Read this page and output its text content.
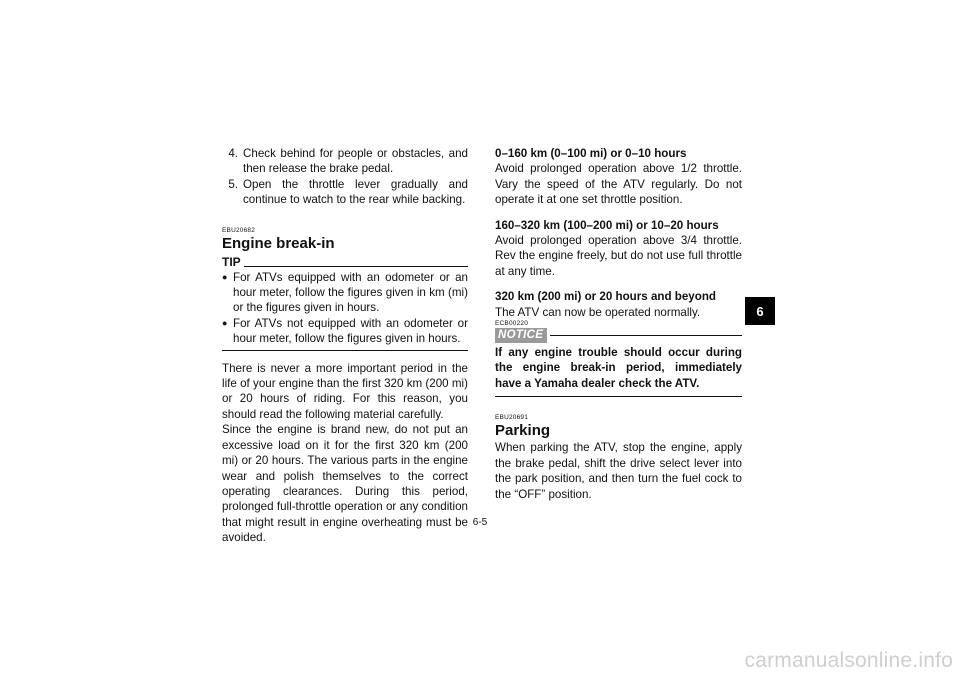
4. Check behind for people or obstacles, and then release the brake pedal.
5. Open the throttle lever gradually and continue to watch to the rear while backing.
EBU20682
Engine break-in
TIP
● For ATVs equipped with an odometer or an hour meter, follow the figures given in km (mi) or the figures given in hours.
● For ATVs not equipped with an odometer or hour meter, follow the figures given in hours.

There is never a more important period in the life of your engine than the first 320 km (200 mi) or 20 hours of riding. For this reason, you should read the following material carefully.

Since the engine is brand new, do not put an excessive load on it for the first 320 km (200 mi) or 20 hours. The various parts in the engine wear and polish themselves to the correct operating clearances. During this period, prolonged full-throttle operation or any condition that might result in engine overheating must be avoided.

0–160 km (0–100 mi) or 0–10 hours

Avoid prolonged operation above 1/2 throttle. Vary the speed of the ATV regularly. Do not operate it at one set throttle position.

160–320 km (100–200 mi) or 10–20 hours

Avoid prolonged operation above 3/4 throttle. Rev the engine freely, but do not use full throttle at any time.

320 km (200 mi) or 20 hours and beyond

The ATV can now be operated normally.

ECB00220
NOTICE

If any engine trouble should occur during the engine break-in period, immediately have a Yamaha dealer check the ATV.

EBU20691
Parking

When parking the ATV, stop the engine, apply the brake pedal, shift the drive select lever into the park position, and then turn the fuel cock to the “OFF” position.

6
6-5
carmanualsonline.info
